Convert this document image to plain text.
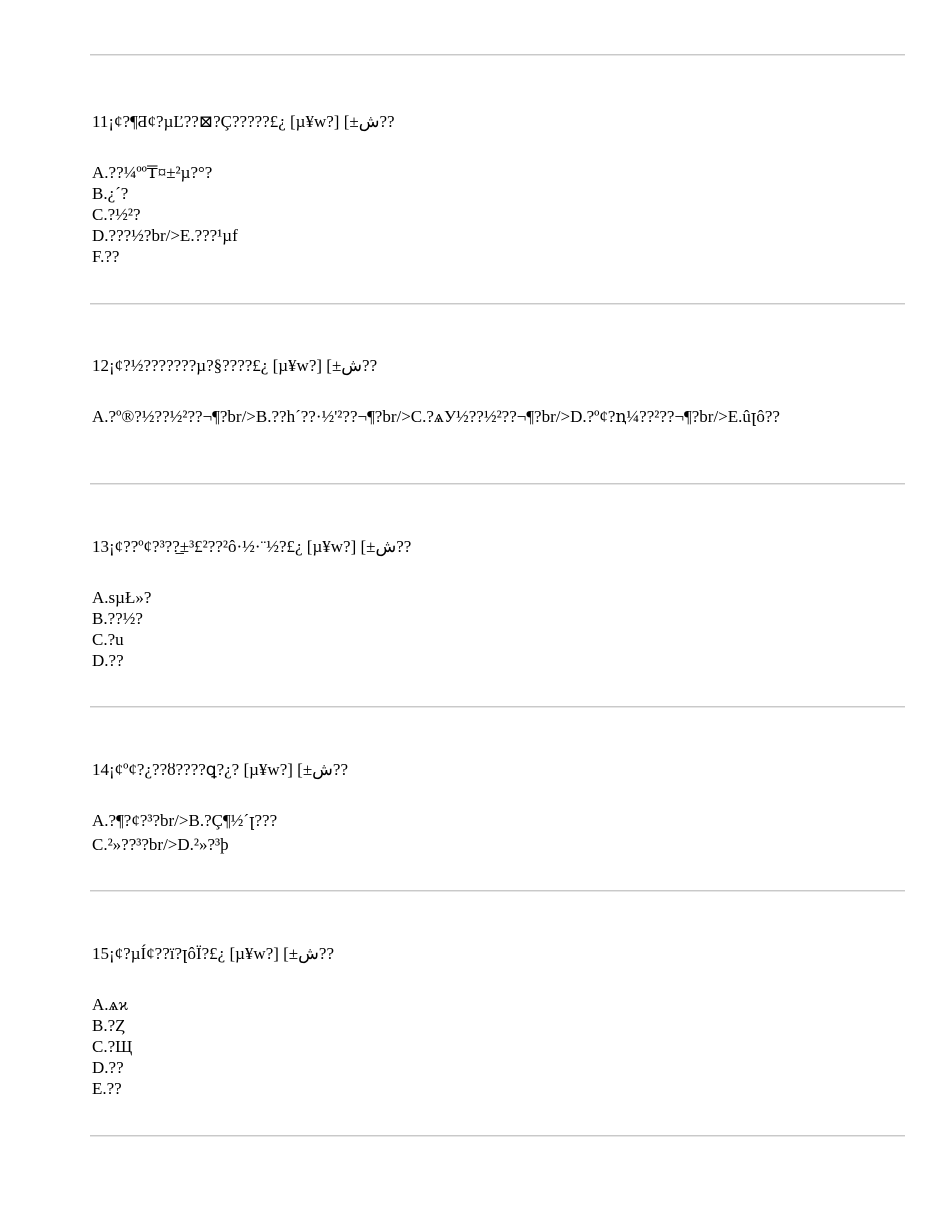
11¡¢?¶Ƌ¢?µĽ??⊠?Ç?????£¿ [µ¥w?] [±ش??
A.??¼ºº₸¤±²µ?°?
B.¿´?
C.?½²?
D.???½?br/>E.???¹µf
F.??
12¡¢?½???????µ?§????£¿ [µ¥w?] [±ش??
A.?º®?½??½²??¬¶?br/>B.??h´??·½'²??¬¶?br/>C.?ѧУ½??½²??¬¶?br/>D.?º¢?ꞑ¼??²??¬¶?br/>E.ûꞁô??
13¡¢??º¢?³??̲±³£²??²ô·½·¨½?£¿ [µ¥w?] [±ش??
A.ѕµŁ»?
B.??½?
C.?u
D.??
14¡¢º¢?¿??ȣ????ꝗ?¿? [µ¥w?] [±ش??
A.?¶?¢?³?br/>B.?Ç¶½´ꞁ???
C.²»??³?br/>D.²»?³þ
15¡¢?µÍ¢??ï?ꞁôÏ?£¿ [µ¥w?] [±ش??
A.ѧϰ
B.?Ȥ
C.?Щ
D.??
E.??
